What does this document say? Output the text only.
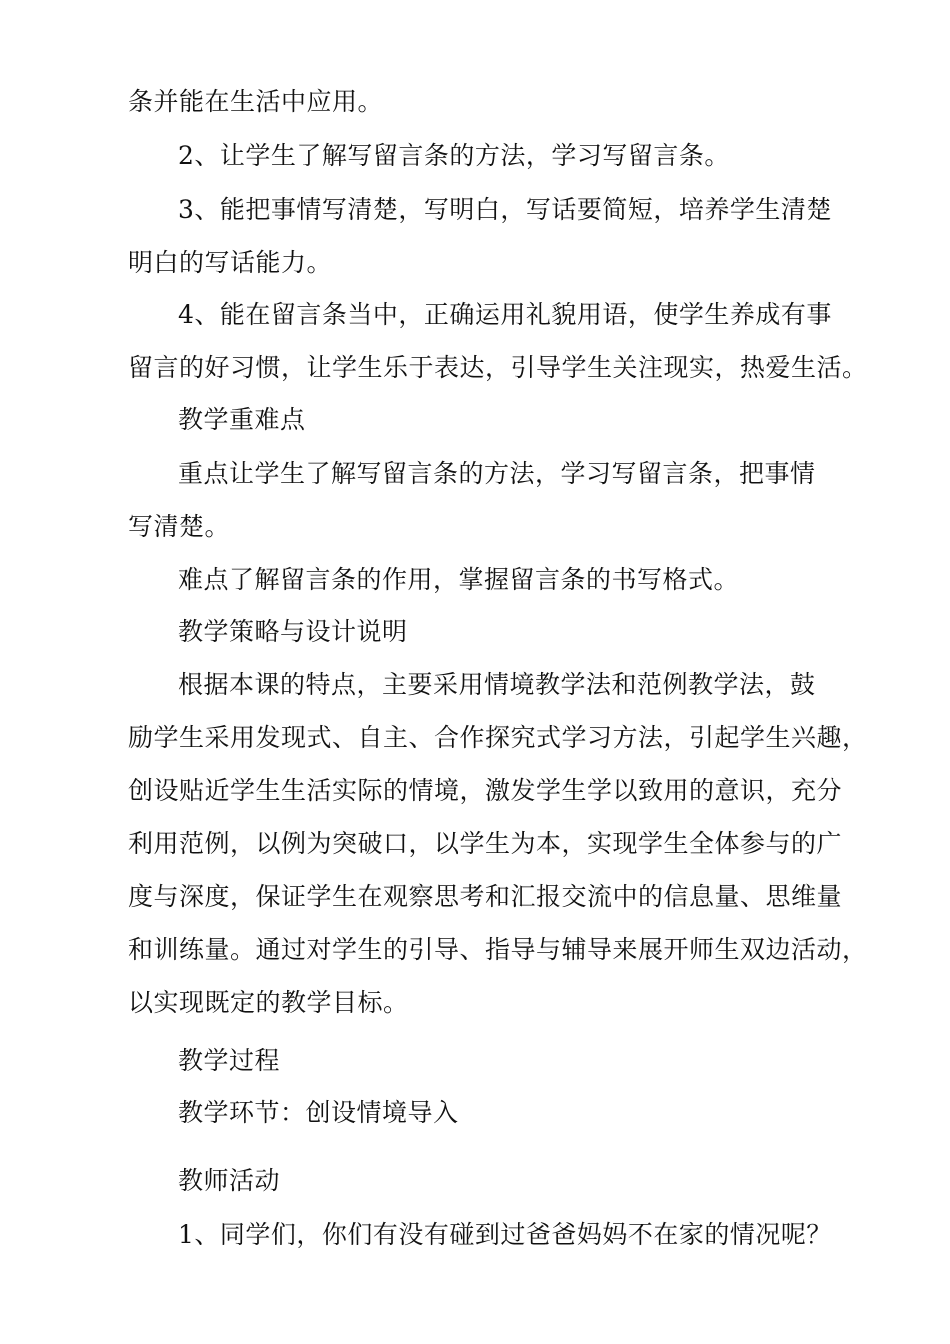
条并能在生活中应用。
2、让学生了解写留言条的方法，学习写留言条。
3、能把事情写清楚，写明白，写话要简短，培养学生清楚
明白的写话能力。
4、能在留言条当中，正确运用礼貌用语，使学生养成有事
留言的好习惯，让学生乐于表达，引导学生关注现实，热爱生活。
教学重难点
重点让学生了解写留言条的方法，学习写留言条，把事情
写清楚。
难点了解留言条的作用，掌握留言条的书写格式。
教学策略与设计说明
根据本课的特点，主要采用情境教学法和范例教学法，鼓
励学生采用发现式、自主、合作探究式学习方法，引起学生兴趣，
创设贴近学生生活实际的情境，激发学生学以致用的意识，充分
利用范例，以例为突破口，以学生为本，实现学生全体参与的广
度与深度，保证学生在观察思考和汇报交流中的信息量、思维量
和训练量。通过对学生的引导、指导与辅导来展开师生双边活动，
以实现既定的教学目标。
教学过程
教学环节：创设情境导入
教师活动
1、同学们，你们有没有碰到过爸爸妈妈不在家的情况呢？
